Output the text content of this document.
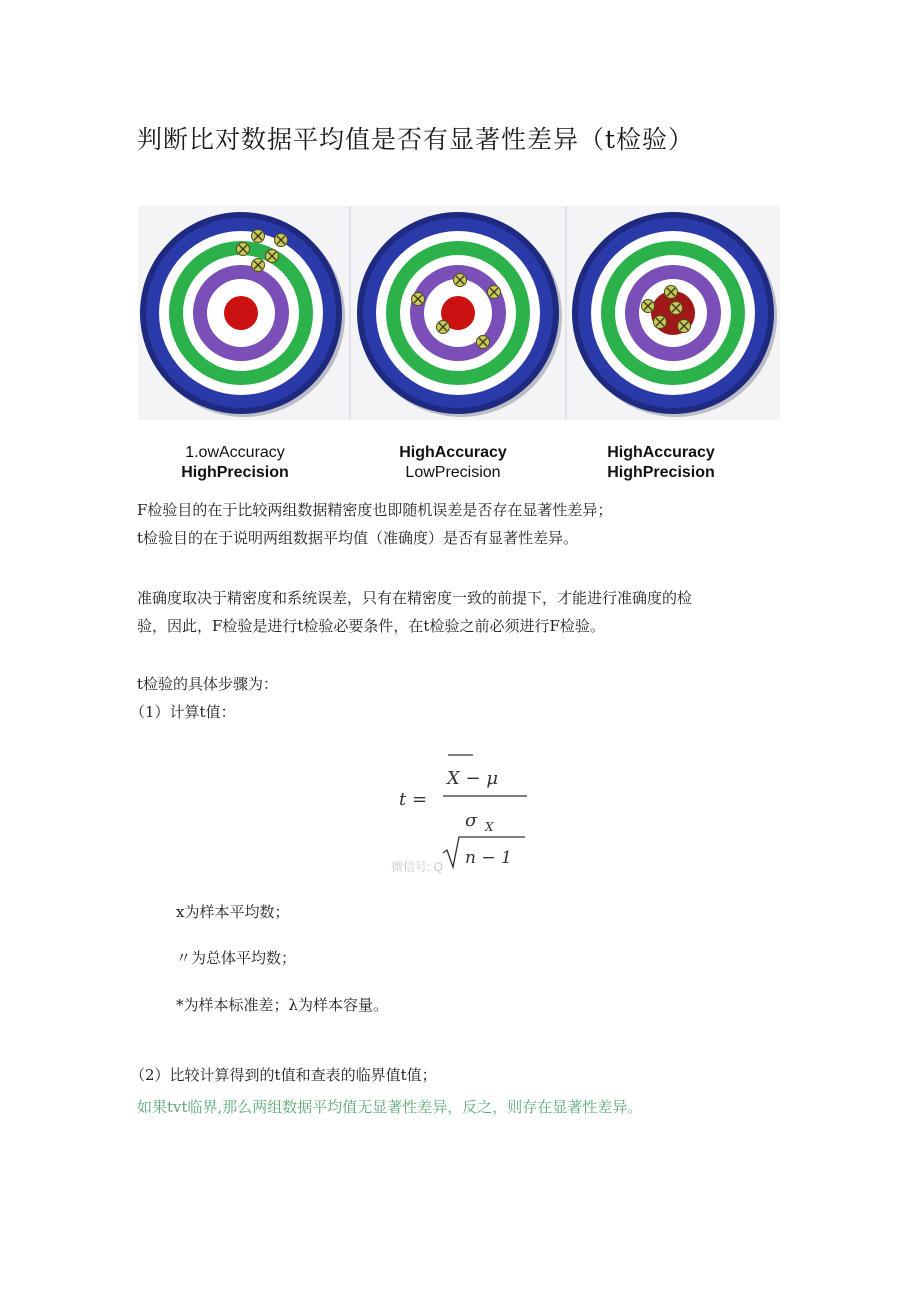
判断比对数据平均值是否有显著性差异（t检验）
1.owAccuracy
HighPrecision
HighAccuracy
LowPrecision
HighAccuracy
HighPrecision
F检验目的在于比较两组数据精密度也即随机误差是否存在显著性差异；
t检验目的在于说明两组数据平均值（准确度）是否有显著性差异。
准确度取决于精密度和系统误差，只有在精密度一致的前提下，才能进行准确度的检
验，因此，F检验是进行t检验必要条件，在t检验之前必须进行F检验。
t检验的具体步骤为：
（1）计算t值：
t =
X − μ
σ X
微信号: Q n − 1
x为样本平均数；
〃为总体平均数；
*为样本标准差；λ为样本容量。
（2）比较计算得到的t值和查表的临界值t值；
如果tvt临界,那么两组数据平均值无显著性差异，反之，则存在显著性差异。
